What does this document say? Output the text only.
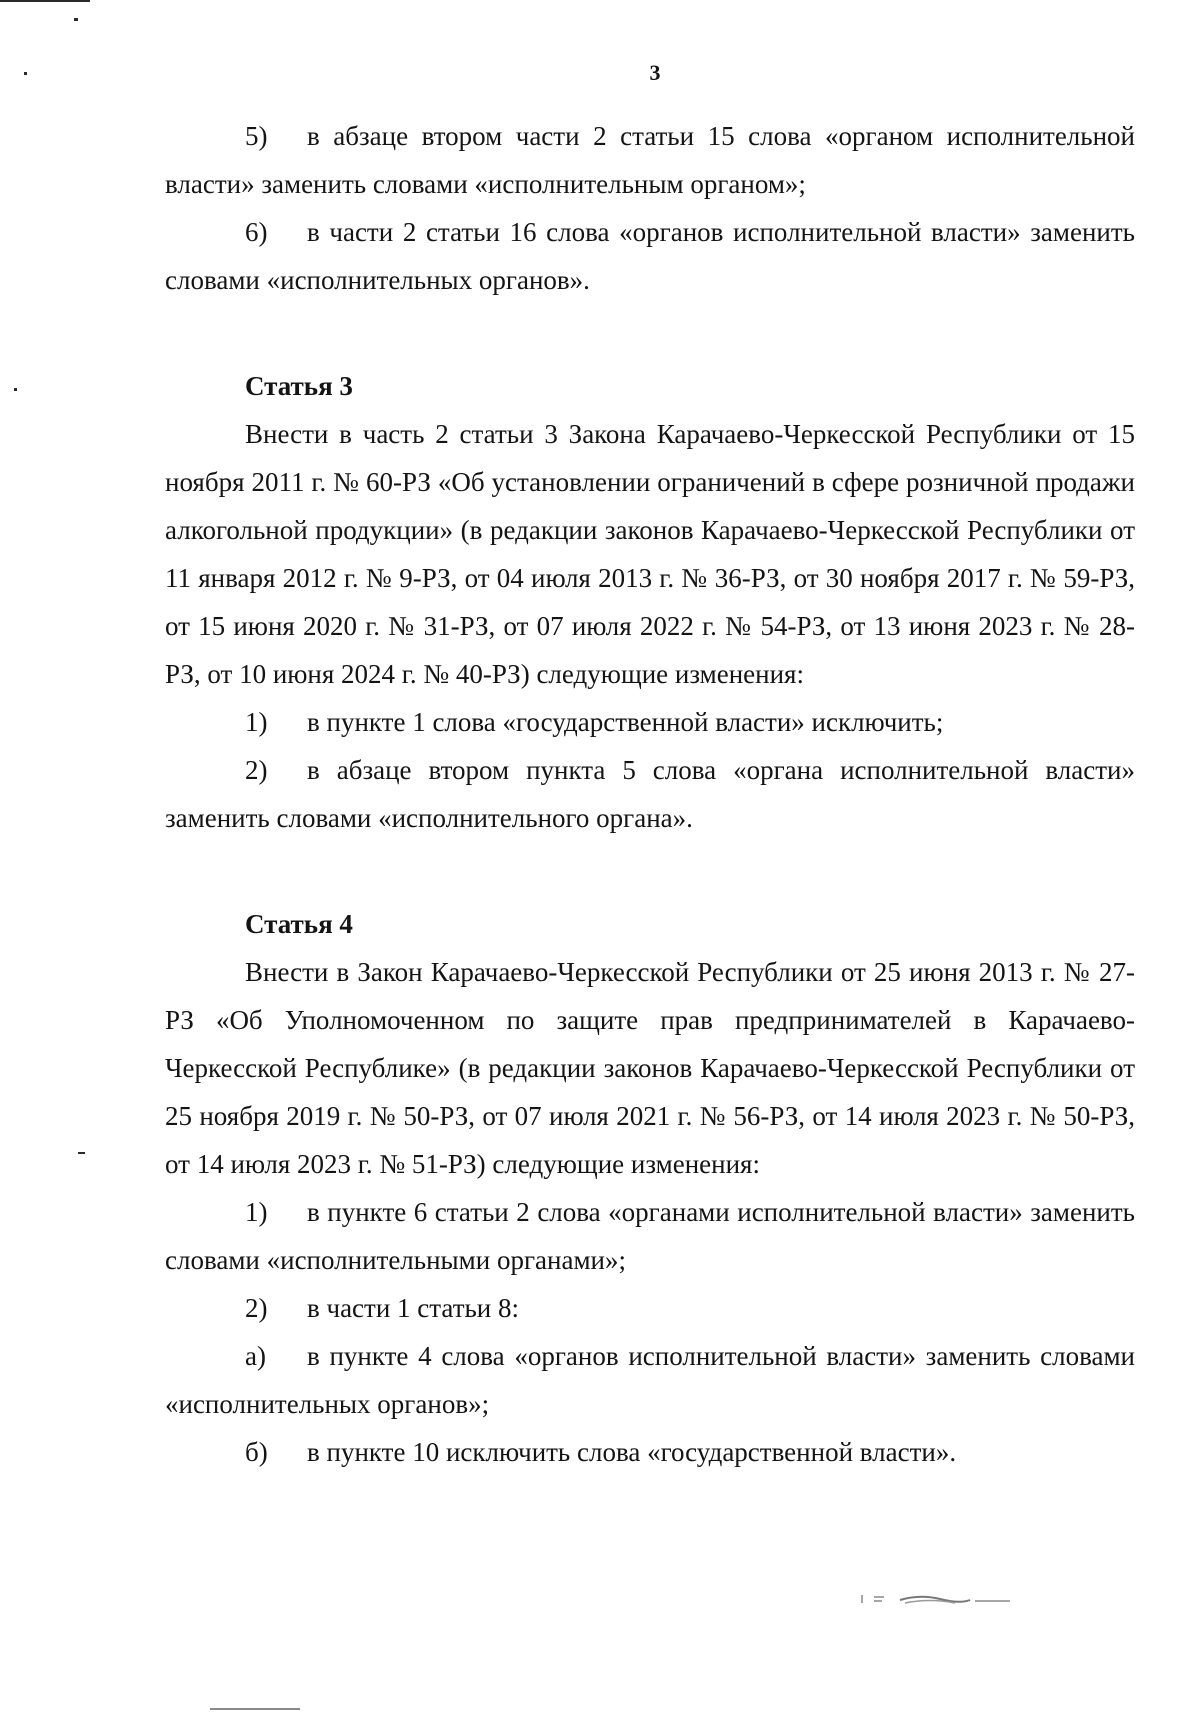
3

5) в абзаце втором части 2 статьи 15 слова «органом исполнительной власти» заменить словами «исполнительным органом»;

6) в части 2 статьи 16 слова «органов исполнительной власти» заменить словами «исполнительных органов».

Статья 3

Внести в часть 2 статьи 3 Закона Карачаево-Черкесской Республики от 15 ноября 2011 г. № 60-РЗ «Об установлении ограничений в сфере розничной продажи алкогольной продукции» (в редакции законов Карачаево-Черкесской Республики от 11 января 2012 г. № 9-РЗ, от 04 июля 2013 г. № 36-РЗ, от 30 ноября 2017 г. № 59-РЗ, от 15 июня 2020 г. № 31-РЗ, от 07 июля 2022 г. № 54-РЗ, от 13 июня 2023 г. № 28-РЗ, от 10 июня 2024 г. № 40-РЗ) следующие изменения:

1) в пункте 1 слова «государственной власти» исключить;

2) в абзаце втором пункта 5 слова «органа исполнительной власти» заменить словами «исполнительного органа».

Статья 4

Внести в Закон Карачаево-Черкесской Республики от 25 июня 2013 г. № 27-РЗ «Об Уполномоченном по защите прав предпринимателей в Карачаево-Черкесской Республике» (в редакции законов Карачаево-Черкесской Республики от 25 ноября 2019 г. № 50-РЗ, от 07 июля 2021 г. № 56-РЗ, от 14 июля 2023 г. № 50-РЗ, от 14 июля 2023 г. № 51-РЗ) следующие изменения:

1) в пункте 6 статьи 2 слова «органами исполнительной власти» заменить словами «исполнительными органами»;

2) в части 1 статьи 8:

а) в пункте 4 слова «органов исполнительной власти» заменить словами «исполнительных органов»;

б) в пункте 10 исключить слова «государственной власти».
